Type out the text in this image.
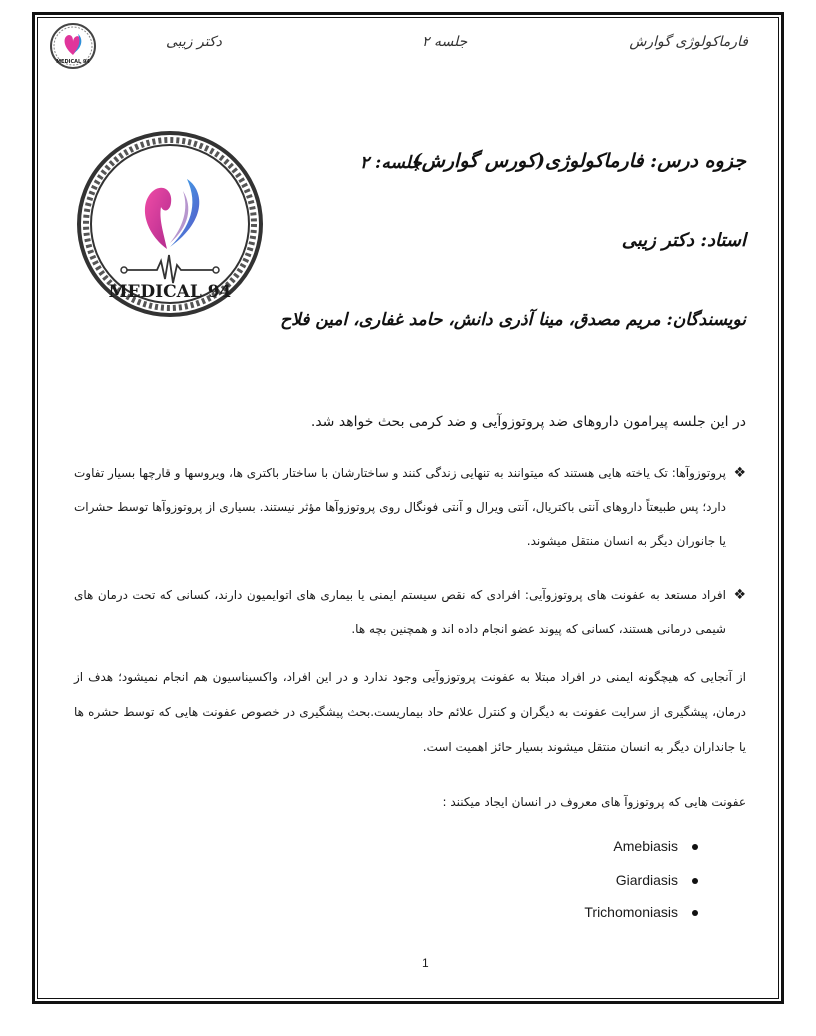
MEDICAL 94
دکتر زیبی	جلسه ۲	فارماکولوژی گوارش
MEDICAL 94
جزوه درس: فارماکولوژی(کورس گوارش)
جلسه: ۲
استاد: دکتر زیبی
نویسندگان: مریم مصدق، مینا آذری دانش، حامد غفاری، امین فلاح
در این جلسه پیرامون داروهای ضد پروتوزوآیی و ضد کرمی بحث خواهد شد.
❖
پروتوزوآها: تک یاخته هایی هستند که میتوانند به تنهایی زندگی کنند و ساختارشان با ساختار باکتری ها، ویروسها و قارچها بسیار تفاوت دارد؛ پس طبیعتاً داروهای آنتی باکتریال، آنتی ویرال و آنتی فونگال روی پروتوزوآها مؤثر نیستند. بسیاری از پروتوزوآها توسط حشرات یا جانوران دیگر به انسان منتقل میشوند.
❖
افراد مستعد به عفونت های پروتوزوآیی: افرادی که نقص سیستم ایمنی یا بیماری های اتوایمیون دارند، کسانی که تحت درمان های شیمی درمانی هستند، کسانی که پیوند عضو انجام داده اند و همچنین بچه ها.
از آنجایی که هیچگونه ایمنی در افراد مبتلا به عفونت پروتوزوآیی وجود ندارد و در این افراد، واکسیناسیون هم انجام نمیشود؛ هدف از درمان، پیشگیری از سرایت عفونت به دیگران و کنترل علائم حاد بیماریست.بحث پیشگیری در خصوص عفونت هایی که توسط حشره ها یا جانداران دیگر به انسان منتقل میشوند بسیار حائز اهمیت است.
عفونت هایی که پروتوزوآ های معروف در انسان ایجاد میکنند :
Amebiasis
Giardiasis
Trichomoniasis
1
